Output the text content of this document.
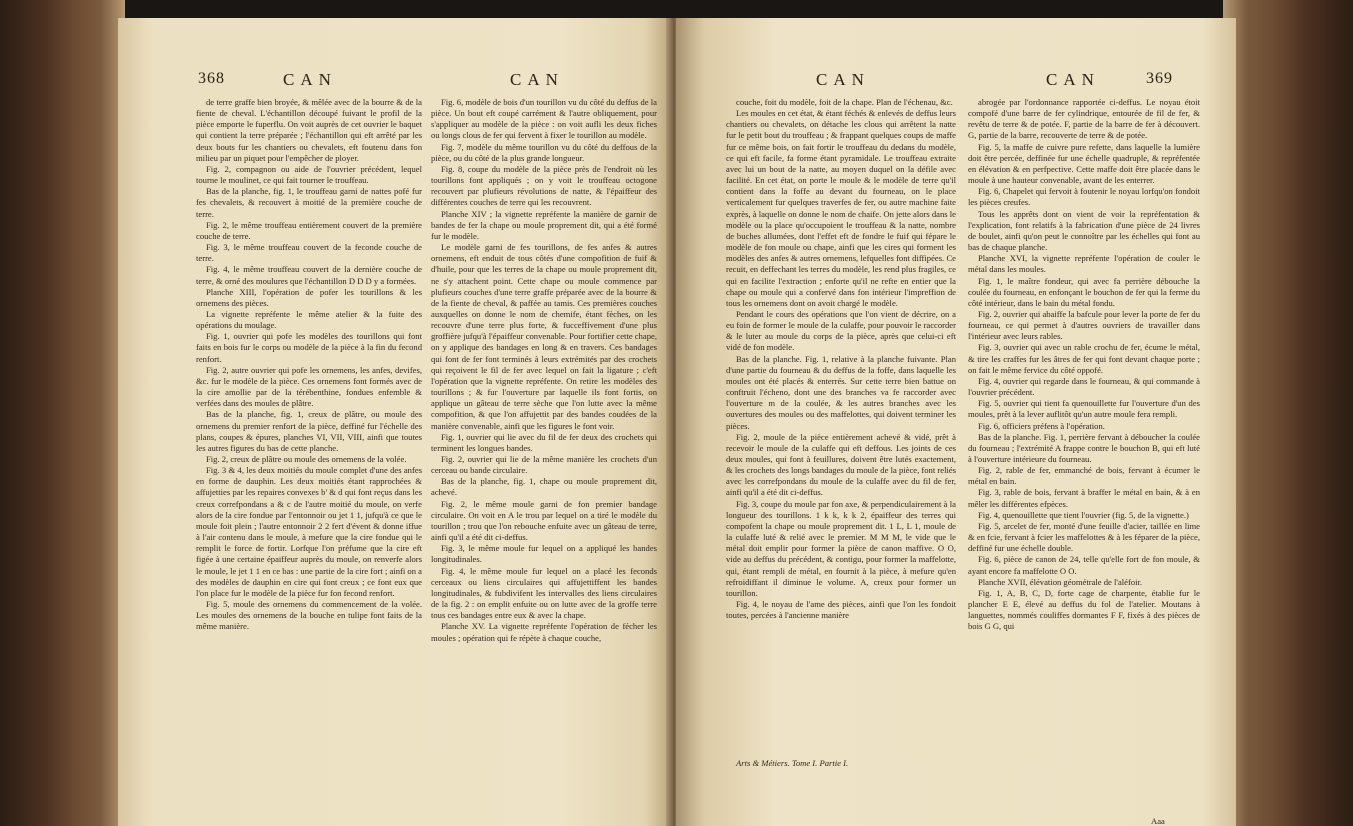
368	CAN	CAN

de terre graffe bien broyée, & mêlée avec de la bourre & de la fiente de cheval. L'échantillon découpé fuivant le profil de la pièce emporte le fuperflu. On voit auprès de cet ouvrier le baquet qui contient la terre préparée ; l'échantillon qui eft arrêté par les deux bouts fur les chantiers ou chevalets, eft foutenu dans fon milieu par un piquet pour l'empêcher de ployer.

Fig. 2, compagnon ou aide de l'ouvrier précédent, lequel tourne le moulinet, ce qui fait tourner le trouffeau.

Bas de la planche, fig. 1, le trouffeau garni de nattes pofé fur fes chevalets, & recouvert à moitié de la première couche de terre.

Fig. 2, le même trouffeau entièrement couvert de la première couche de terre.

Fig. 3, le même trouffeau couvert de la feconde couche de terre.

Fig. 4, le même trouffeau couvert de la dernière couche de terre, & orné des moulures que l'échantillon D D D y a formées.

Planche XIII, l'opération de pofer les tourillons & les ornemens des pièces.

La vignette repréfente le même atelier & la fuite des opérations du moulage.

Fig. 1, ouvrier qui pofe les modèles des tourillons qui font faits en bois fur le corps ou modèle de la pièce à la fin du fecond renfort.

Fig. 2, autre ouvrier qui pofe les ornemens, les anfes, devifes, &c. fur le modèle de la pièce. Ces ornemens font formés avec de la cire amollie par de la térébenthine, fondues enfemble & verfées dans des moules de plâtre.

Bas de la planche, fig. 1, creux de plâtre, ou moule des ornemens du premier renfort de la pièce, deffiné fur l'échelle des plans, coupes & épures, planches VI, VII, VIII, ainfi que toutes les autres figures du bas de cette planche.

Fig. 2, creux de plâtre ou moule des ornemens de la volée.

Fig. 3 & 4, les deux moitiés du moule complet d'une des anfes en forme de dauphin. Les deux moitiés étant rapprochées & affujetties par les repaires convexes b' & d qui font reçus dans les creux correfpondans a & c de l'autre moitié du moule, on verfe alors de la cire fondue par l'entonnoir ou jet 1 1, jufqu'à ce que le moule foit plein ; l'autre entonnoir 2 2 fert d'évent & donne iffue à l'air contenu dans le moule, à mefure que la cire fondue qui le remplit le force de fortir. Lorfque l'on préfume que la cire eft figée à une certaine épaiffeur auprès du moule, on renverfe alors le moule, le jet 1 1 en ce bas : une partie de la cire fort ; ainfi on a des modèles de dauphin en cire qui font creux ; ce font eux que l'on place fur le modèle de la pièce fur fon fecond renfort.

Fig. 5, moule des ornemens du commencement de la volée. Les moules des ornemens de la bouche en tulipe font faits de la même manière.

Fig. 6, modèle de bois d'un tourillon vu du côté du deffus de la pièce. Un bout eft coupé carrément & l'autre obliquement, pour s'appliquer au modèle de la pièce : on voit aufli les deux fiches ou longs clous de fer qui fervent à fixer le tourillon au modèle.

Fig. 7, modèle du même tourillon vu du côté du deffous de la pièce, ou du côté de la plus grande longueur.

Fig. 8, coupe du modèle de la pièce près de l'endroit où les tourillons font appliqués ; on y voit le trouffeau octogone recouvert par plufieurs révolutions de natte, & l'épaiffeur des différentes couches de terre qui les recouvrent.

Planche XIV ; la vignette repréfente la manière de garnir de bandes de fer la chape ou moule proprement dit, qui a été formé fur le modèle.

Le modèle garni de fes tourillons, de fes anfes & autres ornemens, eft enduit de tous côtés d'une compofition de fuif & d'huile, pour que les terres de la chape ou moule proprement dit, ne s'y attachent point. Cette chape ou moule commence par plufieurs couches d'une terre graffe préparée avec de la bourre & de la fiente de cheval, & paffée au tamis. Ces premières couches auxquelles on donne le nom de chemife, étant fèches, on les recouvre d'une terre plus forte, & fucceffivement d'une plus groffière jufqu'à l'épaiffeur convenable. Pour fortifier cette chape, on y applique des bandages en long & en travers. Ces bandages qui font de fer font terminés à leurs extrémités par des crochets qui reçoivent le fil de fer avec lequel on fait la ligature ; c'eft l'opération que la vignette repréfente. On retire les modèles des tourillons ; & fur l'ouverture par laquelle ils font fortis, on applique un gâteau de terre sèche que l'on lutte avec la même compofition, & que l'on affujettit par des bandes coudées de la manière convenable, ainfi que les figures le font voir.

Fig. 1, ouvrier qui lie avec du fil de fer deux des crochets qui terminent les longues bandes.

Fig. 2, ouvrier qui lie de la même manière les crochets d'un cerceau ou bande circulaire.

Bas de la planche, fig. 1, chape ou moule proprement dit, achevé.

Fig. 2, le même moule garni de fon premier bandage circulaire. On voit en A le trou par lequel on a tiré le modèle du tourillon ; trou que l'on rebouche enfuite avec un gâteau de terre, ainfi qu'il a été dit ci-deffus.

Fig. 3, le même moule fur lequel on a appliqué les bandes longitudinales.

Fig. 4, le même moule fur lequel on a placé les feconds cerceaux ou liens circulaires qui affujettiffent les bandes longitudinales, & fubdivifent les intervalles des liens circulaires de la fig. 2 : on emplit enfuite ou on lutte avec de la groffe terre tous ces bandages entre eux & avec la chape.

Planche XV. La vignette repréfente l'opération de fécher les moules ; opération qui fe répète à chaque couche,

CAN	CAN	369

couche, foit du modèle, foit de la chape. Plan de l'échenau, &c.

Les moules en cet état, & étant féchés & enlevés de deffus leurs chantiers ou chevalets, on détache les clous qui arrêtent la natte fur le petit bout du trouffeau ; & frappant quelques coups de maffe fur ce même bois, on fait fortir le trouffeau du dedans du modèle, ce qui eft facile, fa forme étant pyramidale. Le trouffeau extraite avec lui un bout de la natte, au moyen duquel on la défile avec facilité. En cet état, on porte le moule & le modèle de terre qu'il contient dans la foffe au devant du fourneau, on le place verticalement fur quelques traverfes de fer, ou autre machine faite exprès, à laquelle on donne le nom de chaife. On jette alors dans le modèle ou la place qu'occupoient le trouffeau & la natte, nombre de buches allumées, dont l'effet eft de fondre le fuif qui fépare le modèle de fon moule ou chape, ainfi que les cires qui forment les modèles des anfes & autres ornemens, lefquelles font diffipées. Ce recuit, en deffechant les terres du modèle, les rend plus fragiles, ce qui en facilite l'extraction ; enforte qu'il ne refte en entier que la chape ou moule qui a confervé dans fon intérieur l'impreffion de tous les ornemens dont on avoit chargé le modèle.

Pendant le cours des opérations que l'on vient de décrire, on a eu foin de former le moule de la culaffe, pour pouvoir le raccorder & le luter au moule du corps de la pièce, après que celui-ci eft vidé de fon modèle.

Bas de la planche. Fig. 1, relative à la planche fuivante. Plan d'une partie du fourneau & du deffus de la foffe, dans laquelle les moules ont été placés & enterrés. Sur cette terre bien battue on conftruit l'écheno, dont une des branches va fe raccorder avec l'ouverture m de la coulée, & les autres branches avec les ouvertures des moules ou des maffelottes, qui doivent terminer les pièces.

Fig. 2, moule de la pièce entièrement achevé & vidé, prêt à recevoir le moule de la culaffe qui eft deffous. Les joints de ces deux moules, qui font à feuillures, doivent être lutés exactement, & les crochets des longs bandages du moule de la pièce, font reliés avec les correfpondans du moule de la culaffe avec du fil de fer, ainfi qu'il a été dit ci-deffus.

Fig. 3, coupe du moule par fon axe, & perpendiculairement à la longueur des tourillons. 1 k k, k k 2, épaiffeur des terres qui compofent la chape ou moule proprement dit. 1 L, L 1, moule de la culaffe luté & relié avec le premier. M M M, le vide que le métal doit emplir pour former la pièce de canon maffive. O O, vide au deffus du précédent, & contigu, pour former la maffelotte, qui, étant rempli de métal, en fournit à la pièce, à mefure qu'en refroidiffant il diminue le volume. A, creux pour former un tourillon.

Fig. 4, le noyau de l'ame des pièces, ainfi que l'on les fondoit toutes, percées à l'ancienne manière

abrogée par l'ordonnance rapportée ci-deffus. Le noyau étoit compofé d'une barre de fer cylindrique, entourée de fil de fer, & revêtu de terre & de potée. F, partie de la barre de fer à découvert. G, partie de la barre, recouverte de terre & de potée.

Fig. 5, la maffe de cuivre pure refette, dans laquelle la lumière doit être percée, deffinée fur une échelle quadruple, & repréfentée en élévation & en perfpective. Cette maffe doit être placée dans le moule à une hauteur convenable, avant de les enterrer.

Fig. 6, Chapelet qui fervoit à foutenir le noyau lorfqu'on fondoit les pièces creufes.

Tous les apprêts dont on vient de voir la repréfentation & l'explication, font relatifs à la fabrication d'une pièce de 24 livres de boulet, ainfi qu'on peut le connoître par les échelles qui font au bas de chaque planche.

Planche XVI, la vignette repréfente l'opération de couler le métal dans les moules.

Fig. 1, le maître fondeur, qui avec fa perrière débouche la coulée du fourneau, en enfonçant le bouchon de fer qui la ferme du côté intérieur, dans le bain du métal fondu.

Fig. 2, ouvrier qui abaiffe la bafcule pour lever la porte de fer du fourneau, ce qui permet à d'autres ouvriers de travailler dans l'intérieur avec leurs rables.

Fig. 3, ouvrier qui avec un rable crochu de fer, écume le métal, & tire les craffes fur les âtres de fer qui font devant chaque porte ; on fait le même fervice du côté oppofé.

Fig. 4, ouvrier qui regarde dans le fourneau, & qui commande à l'ouvrier précédent.

Fig. 5, ouvrier qui tient fa quenouillette fur l'ouverture d'un des moules, prêt à la lever auflitôt qu'un autre moule fera rempli.

Fig. 6, officiers préfens à l'opération.

Bas de la planche. Fig. 1, perrière fervant à déboucher la coulée du fourneau ; l'extrémité A frappe contre le bouchon B, qui eft luté à l'ouverture intérieure du fourneau.

Fig. 2, rable de fer, emmanché de bois, fervant à écumer le métal en bain.

Fig. 3, rable de bois, fervant à braffer le métal en bain, & à en mêler les différentes efpèces.

Fig. 4, quenouillette que tient l'ouvrier (fig. 5, de la vignette.)

Fig. 5, arcelet de fer, monté d'une feuille d'acier, taillée en lime & en fcie, fervant à fcier les maffelottes & à les féparer de la pièce, deffiné fur une échelle double.

Fig. 6, pièce de canon de 24, telle qu'elle fort de fon moule, & ayant encore fa maffelotte O O.

Planche XVII, élévation géométrale de l'aléfoir.

Fig. 1, A, B, C, D, forte cage de charpente, établie fur le plancher E E, élevé au deffus du fol de l'atelier. Moutans à languettes, nommés couliffes dormantes F F, fixés à des pièces de bois G G, qui

Arts & Métiers. Tome I. Partie I.
Aaa
